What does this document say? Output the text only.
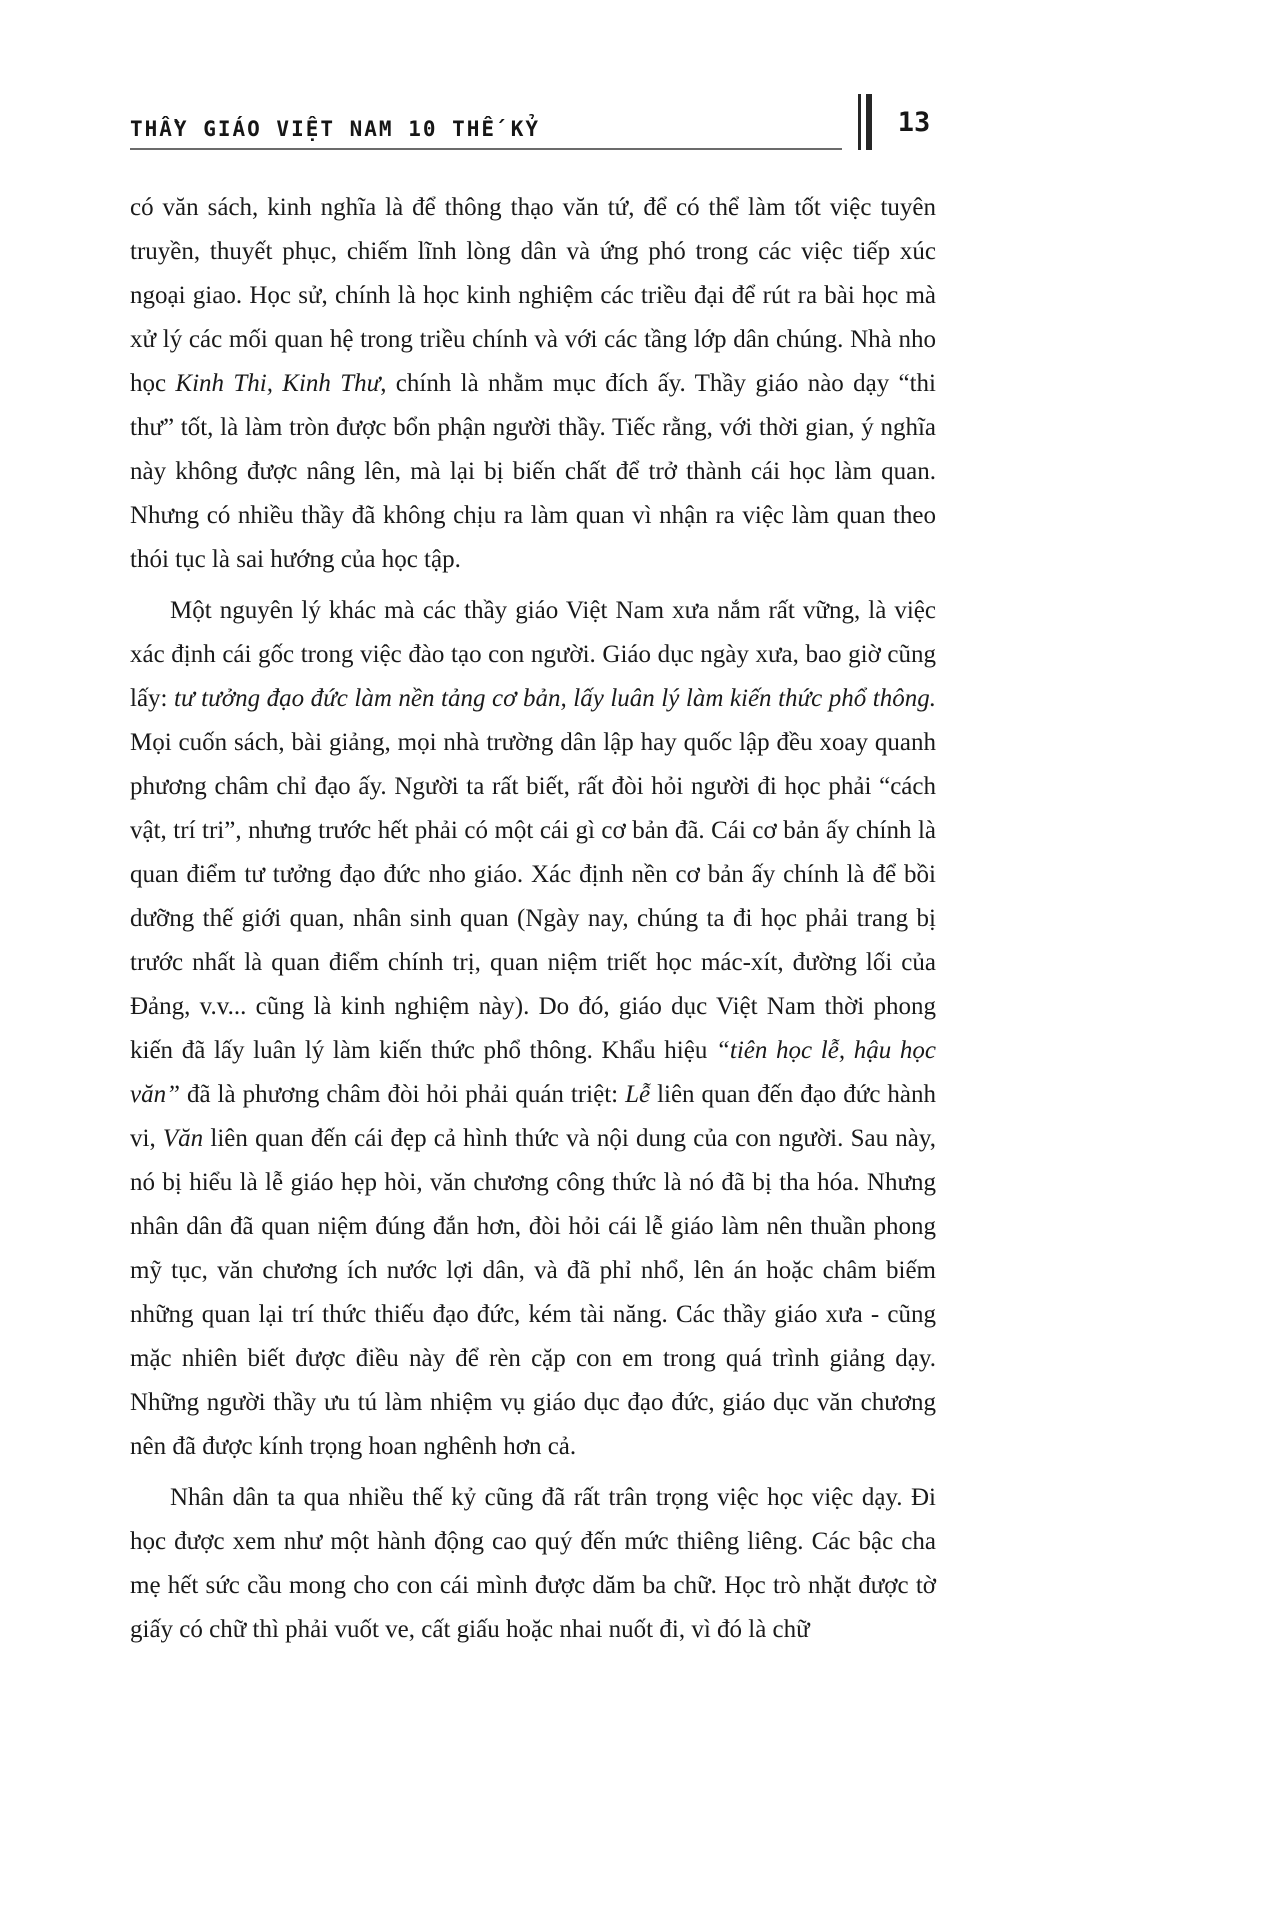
THẦY GIÁO VIỆT NAM 10 THẾ KỶ	13

có văn sách, kinh nghĩa là để thông thạo văn tứ, để có thể làm tốt việc tuyên truyền, thuyết phục, chiếm lĩnh lòng dân và ứng phó trong các việc tiếp xúc ngoại giao. Học sử, chính là học kinh nghiệm các triều đại để rút ra bài học mà xử lý các mối quan hệ trong triều chính và với các tầng lớp dân chúng. Nhà nho học Kinh Thi, Kinh Thư, chính là nhằm mục đích ấy. Thầy giáo nào dạy “thi thư” tốt, là làm tròn được bổn phận người thầy. Tiếc rằng, với thời gian, ý nghĩa này không được nâng lên, mà lại bị biến chất để trở thành cái học làm quan. Nhưng có nhiều thầy đã không chịu ra làm quan vì nhận ra việc làm quan theo thói tục là sai hướng của học tập.

Một nguyên lý khác mà các thầy giáo Việt Nam xưa nắm rất vững, là việc xác định cái gốc trong việc đào tạo con người. Giáo dục ngày xưa, bao giờ cũng lấy: tư tưởng đạo đức làm nền tảng cơ bản, lấy luân lý làm kiến thức phổ thông. Mọi cuốn sách, bài giảng, mọi nhà trường dân lập hay quốc lập đều xoay quanh phương châm chỉ đạo ấy. Người ta rất biết, rất đòi hỏi người đi học phải “cách vật, trí tri”, nhưng trước hết phải có một cái gì cơ bản đã. Cái cơ bản ấy chính là quan điểm tư tưởng đạo đức nho giáo. Xác định nền cơ bản ấy chính là để bồi dưỡng thế giới quan, nhân sinh quan (Ngày nay, chúng ta đi học phải trang bị trước nhất là quan điểm chính trị, quan niệm triết học mác-xít, đường lối của Đảng, v.v... cũng là kinh nghiệm này). Do đó, giáo dục Việt Nam thời phong kiến đã lấy luân lý làm kiến thức phổ thông. Khẩu hiệu “tiên học lễ, hậu học văn” đã là phương châm đòi hỏi phải quán triệt: Lễ liên quan đến đạo đức hành vi, Văn liên quan đến cái đẹp cả hình thức và nội dung của con người. Sau này, nó bị hiểu là lễ giáo hẹp hòi, văn chương công thức là nó đã bị tha hóa. Nhưng nhân dân đã quan niệm đúng đắn hơn, đòi hỏi cái lễ giáo làm nên thuần phong mỹ tục, văn chương ích nước lợi dân, và đã phỉ nhổ, lên án hoặc châm biếm những quan lại trí thức thiếu đạo đức, kém tài năng. Các thầy giáo xưa - cũng mặc nhiên biết được điều này để rèn cặp con em trong quá trình giảng dạy. Những người thầy ưu tú làm nhiệm vụ giáo dục đạo đức, giáo dục văn chương nên đã được kính trọng hoan nghênh hơn cả.

Nhân dân ta qua nhiều thế kỷ cũng đã rất trân trọng việc học việc dạy. Đi học được xem như một hành động cao quý đến mức thiêng liêng. Các bậc cha mẹ hết sức cầu mong cho con cái mình được dăm ba chữ. Học trò nhặt được tờ giấy có chữ thì phải vuốt ve, cất giấu hoặc nhai nuốt đi, vì đó là chữ
